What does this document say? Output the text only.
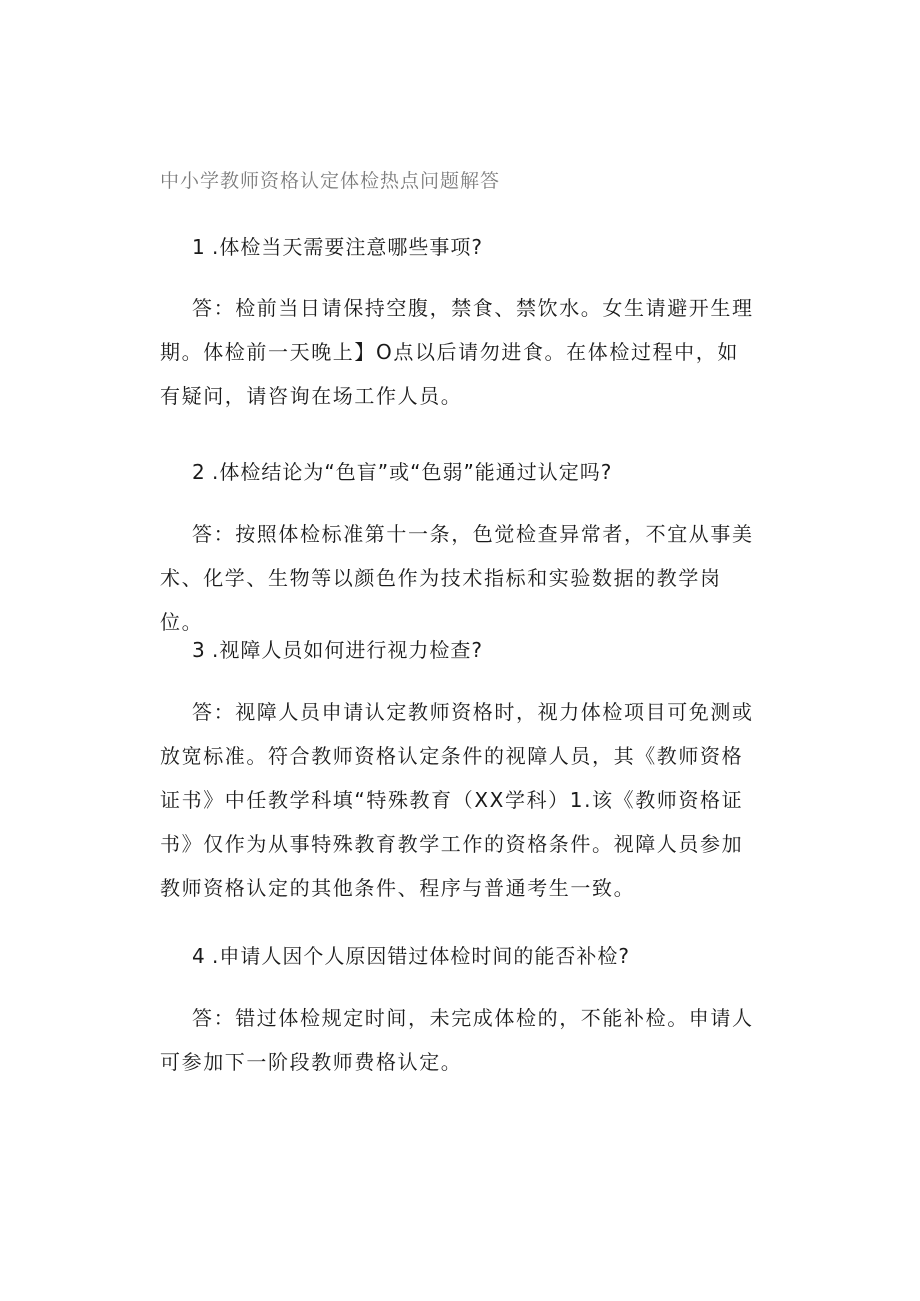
中小学教师资格认定体检热点问题解答
1 .体检当天需要注意哪些事项?

答：检前当日请保持空腹，禁食、禁饮水。女生请避开生理期。体检前一天晚上】O点以后请勿进食。在体检过程中，如有疑问，请咨询在场工作人员。

2 .体检结论为“色盲”或“色弱”能通过认定吗?

答：按照体检标准第十一条，色觉检查异常者，不宜从事美术、化学、生物等以颜色作为技术指标和实验数据的教学岗位。

3 .视障人员如何进行视力检查?

答：视障人员申请认定教师资格时，视力体检项目可免测或放宽标准。符合教师资格认定条件的视障人员，其《教师资格证书》中任教学科填“特殊教育（XX学科）1.该《教师资格证书》仅作为从事特殊教育教学工作的资格条件。视障人员参加教师资格认定的其他条件、程序与普通考生一致。

4 .申请人因个人原因错过体检时间的能否补检?

答：错过体检规定时间，未完成体检的，不能补检。申请人可参加下一阶段教师费格认定。
